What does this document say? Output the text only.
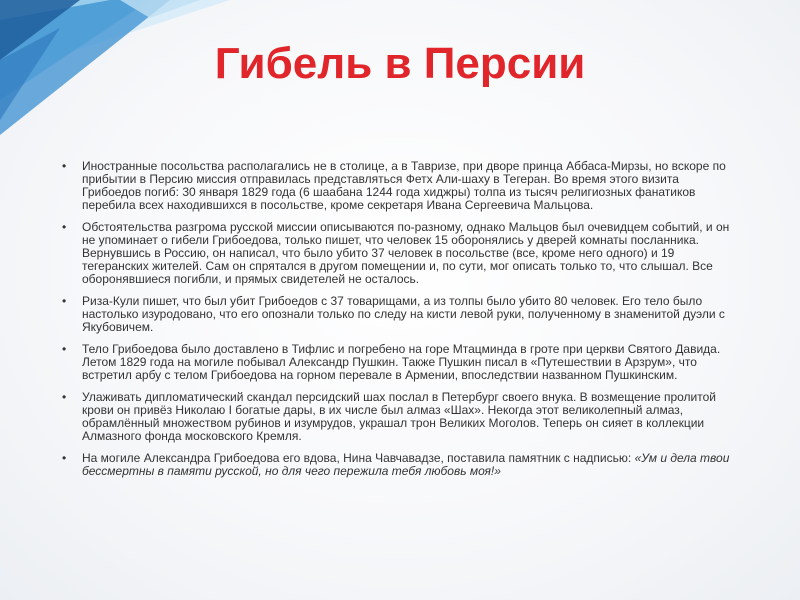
Гибель в Персии
• Иностранные посольства располагались не в столице, а в Тавризе, при дворе принца Аббаса-Мирзы, но вскоре по прибытии в Персию миссия отправилась представляться Фетх Али-шаху в Тегеран. Во время этого визита Грибоедов погиб: 30 января 1829 года (6 шаабана 1244 года хиджры) толпа из тысяч религиозных фанатиков перебила всех находившихся в посольстве, кроме секретаря Ивана Сергеевича Мальцова.
• Обстоятельства разгрома русской миссии описываются по-разному, однако Мальцов был очевидцем событий, и он не упоминает о гибели Грибоедова, только пишет, что человек 15 оборонялись у дверей комнаты посланника. Вернувшись в Россию, он написал, что было убито 37 человек в посольстве (все, кроме него одного) и 19 тегеранских жителей. Сам он спрятался в другом помещении и, по сути, мог описать только то, что слышал. Все оборонявшиеся погибли, и прямых свидетелей не осталось.
• Риза-Кули пишет, что был убит Грибоедов с 37 товарищами, а из толпы было убито 80 человек. Его тело было настолько изуродовано, что его опознали только по следу на кисти левой руки, полученному в знаменитой дуэли с Якубовичем.
• Тело Грибоедова было доставлено в Тифлис и погребено на горе Мтацминда в гроте при церкви Святого Давида. Летом 1829 года на могиле побывал Александр Пушкин. Также Пушкин писал в «Путешествии в Арзрум», что встретил арбу с телом Грибоедова на горном перевале в Армении, впоследствии названном Пушкинским.
• Улаживать дипломатический скандал персидский шах послал в Петербург своего внука. В возмещение пролитой крови он привёз Николаю I богатые дары, в их числе был алмаз «Шах». Некогда этот великолепный алмаз, обрамлённый множеством рубинов и изумрудов, украшал трон Великих Моголов. Теперь он сияет в коллекции Алмазного фонда московского Кремля.
• На могиле Александра Грибоедова его вдова, Нина Чавчавадзе, поставила памятник с надписью: «Ум и дела твои бессмертны в памяти русской, но для чего пережила тебя любовь моя!»
